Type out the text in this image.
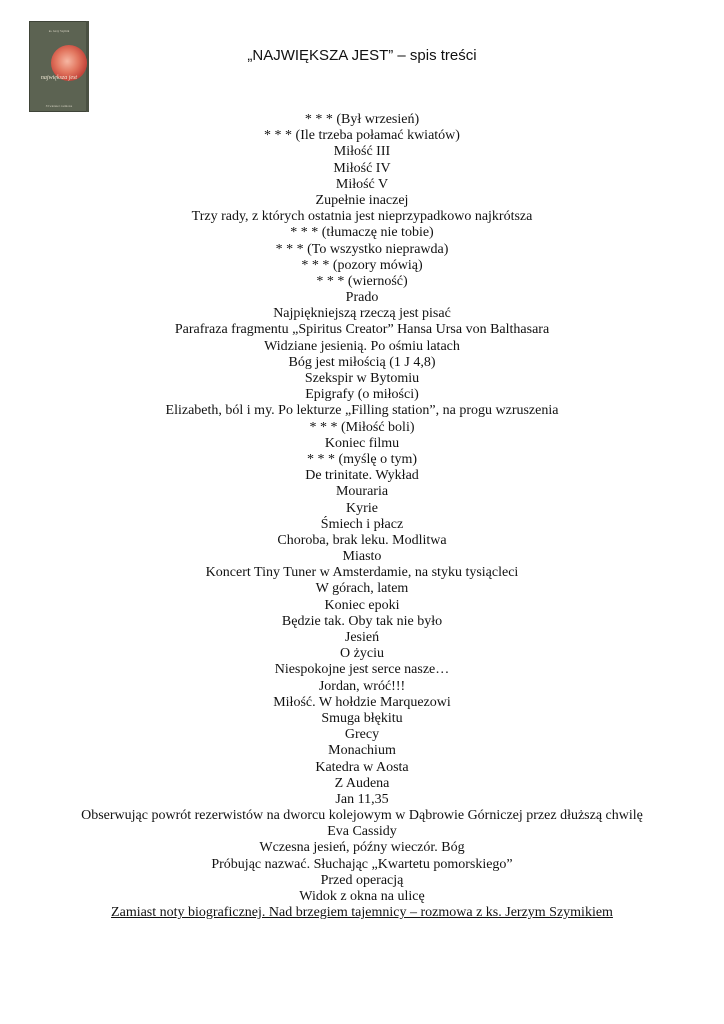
ks. Jerzy Szymik
największa jest
33 wiersze i rozmowa
„NAJWIĘKSZA JEST” – spis treści
* * * (Był wrzesień)
* * * (Ile trzeba połamać kwiatów)
Miłość III
Miłość IV
Miłość V
Zupełnie inaczej
Trzy rady, z których ostatnia jest nieprzypadkowo najkrótsza
* * * (tłumaczę nie tobie)
* * * (To wszystko nieprawda)
* * * (pozory mówią)
* * * (wierność)
Prado
Najpiękniejszą rzeczą jest pisać
Parafraza fragmentu „Spiritus Creator” Hansa Ursa von Balthasara
Widziane jesienią. Po ośmiu latach
Bóg jest miłością (1 J 4,8)
Szekspir w Bytomiu
Epigrafy (o miłości)
Elizabeth, ból i my. Po lekturze „Filling station”, na progu wzruszenia
* * * (Miłość boli)
Koniec filmu
* * * (myślę o tym)
De trinitate. Wykład
Mouraria
Kyrie
Śmiech i płacz
Choroba, brak leku. Modlitwa
Miasto
Koncert Tiny Tuner w Amsterdamie, na styku tysiącleci
W górach, latem
Koniec epoki
Będzie tak. Oby tak nie było
Jesień
O życiu
Niespokojne jest serce nasze…
Jordan, wróć!!!
Miłość. W hołdzie Marquezowi
Smuga błękitu
Grecy
Monachium
Katedra w Aosta
Z Audena
Jan 11,35
Obserwując powrót rezerwistów na dworcu kolejowym w Dąbrowie Górniczej przez dłuższą chwilę
Eva Cassidy
Wczesna jesień, późny wieczór. Bóg
Próbując nazwać. Słuchając „Kwartetu pomorskiego”
Przed operacją
Widok z okna na ulicę
Zamiast noty biograficznej. Nad brzegiem tajemnicy – rozmowa z ks. Jerzym Szymikiem
